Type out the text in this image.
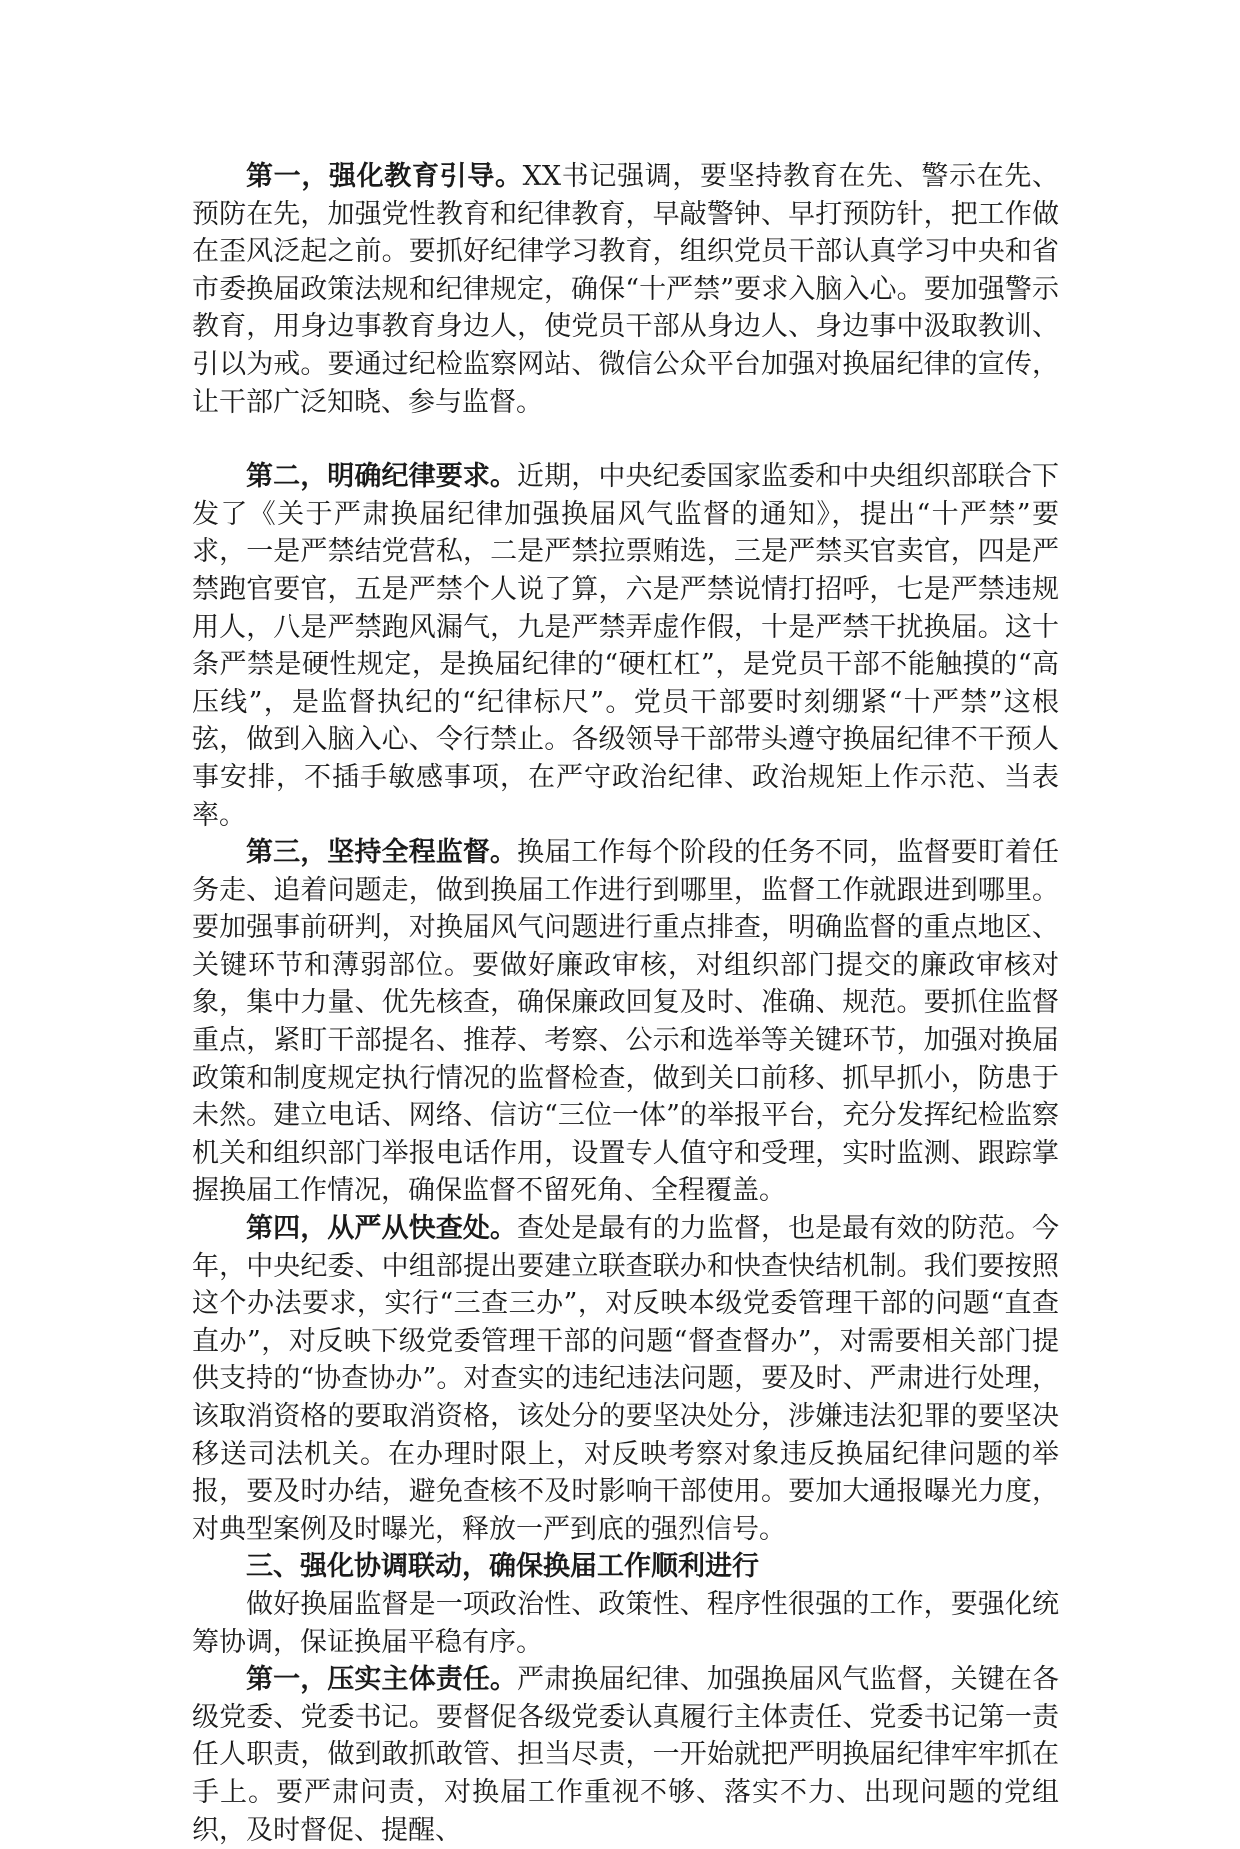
第一，强化教育引导。XX书记强调，要坚持教育在先、警示在先、预防在先，加强党性教育和纪律教育，早敲警钟、早打预防针，把工作做在歪风泛起之前。要抓好纪律学习教育，组织党员干部认真学习中央和省市委换届政策法规和纪律规定，确保“十严禁”要求入脑入心。要加强警示教育，用身边事教育身边人，使党员干部从身边人、身边事中汲取教训、引以为戒。要通过纪检监察网站、微信公众平台加强对换届纪律的宣传，让干部广泛知晓、参与监督。

第二，明确纪律要求。近期，中央纪委国家监委和中央组织部联合下发了《关于严肃换届纪律加强换届风气监督的通知》，提出“十严禁”要求，一是严禁结党营私，二是严禁拉票贿选，三是严禁买官卖官，四是严禁跑官要官，五是严禁个人说了算，六是严禁说情打招呼，七是严禁违规用人，八是严禁跑风漏气，九是严禁弄虚作假，十是严禁干扰换届。这十条严禁是硬性规定，是换届纪律的“硬杠杠”，是党员干部不能触摸的“高压线”，是监督执纪的“纪律标尺”。党员干部要时刻绷紧“十严禁”这根弦，做到入脑入心、令行禁止。各级领导干部带头遵守换届纪律不干预人事安排，不插手敏感事项，在严守政治纪律、政治规矩上作示范、当表率。

第三，坚持全程监督。换届工作每个阶段的任务不同，监督要盯着任务走、追着问题走，做到换届工作进行到哪里，监督工作就跟进到哪里。要加强事前研判，对换届风气问题进行重点排查，明确监督的重点地区、关键环节和薄弱部位。要做好廉政审核，对组织部门提交的廉政审核对象，集中力量、优先核查，确保廉政回复及时、准确、规范。要抓住监督重点，紧盯干部提名、推荐、考察、公示和选举等关键环节，加强对换届政策和制度规定执行情况的监督检查，做到关口前移、抓早抓小，防患于未然。建立电话、网络、信访“三位一体”的举报平台，充分发挥纪检监察机关和组织部门举报电话作用，设置专人值守和受理，实时监测、跟踪掌握换届工作情况，确保监督不留死角、全程覆盖。

第四，从严从快查处。查处是最有的力监督，也是最有效的防范。今年，中央纪委、中组部提出要建立联查联办和快查快结机制。我们要按照这个办法要求，实行“三查三办”，对反映本级党委管理干部的问题“直查直办”，对反映下级党委管理干部的问题“督查督办”，对需要相关部门提供支持的“协查协办”。对查实的违纪违法问题，要及时、严肃进行处理，该取消资格的要取消资格，该处分的要坚决处分，涉嫌违法犯罪的要坚决移送司法机关。在办理时限上，对反映考察对象违反换届纪律问题的举报，要及时办结，避免查核不及时影响干部使用。要加大通报曝光力度，对典型案例及时曝光，释放一严到底的强烈信号。

三、强化协调联动，确保换届工作顺利进行

做好换届监督是一项政治性、政策性、程序性很强的工作，要强化统筹协调，保证换届平稳有序。

第一，压实主体责任。严肃换届纪律、加强换届风气监督，关键在各级党委、党委书记。要督促各级党委认真履行主体责任、党委书记第一责任人职责，做到敢抓敢管、担当尽责，一开始就把严明换届纪律牢牢抓在手上。要严肃问责，对换届工作重视不够、落实不力、出现问题的党组织，及时督促、提醒、
